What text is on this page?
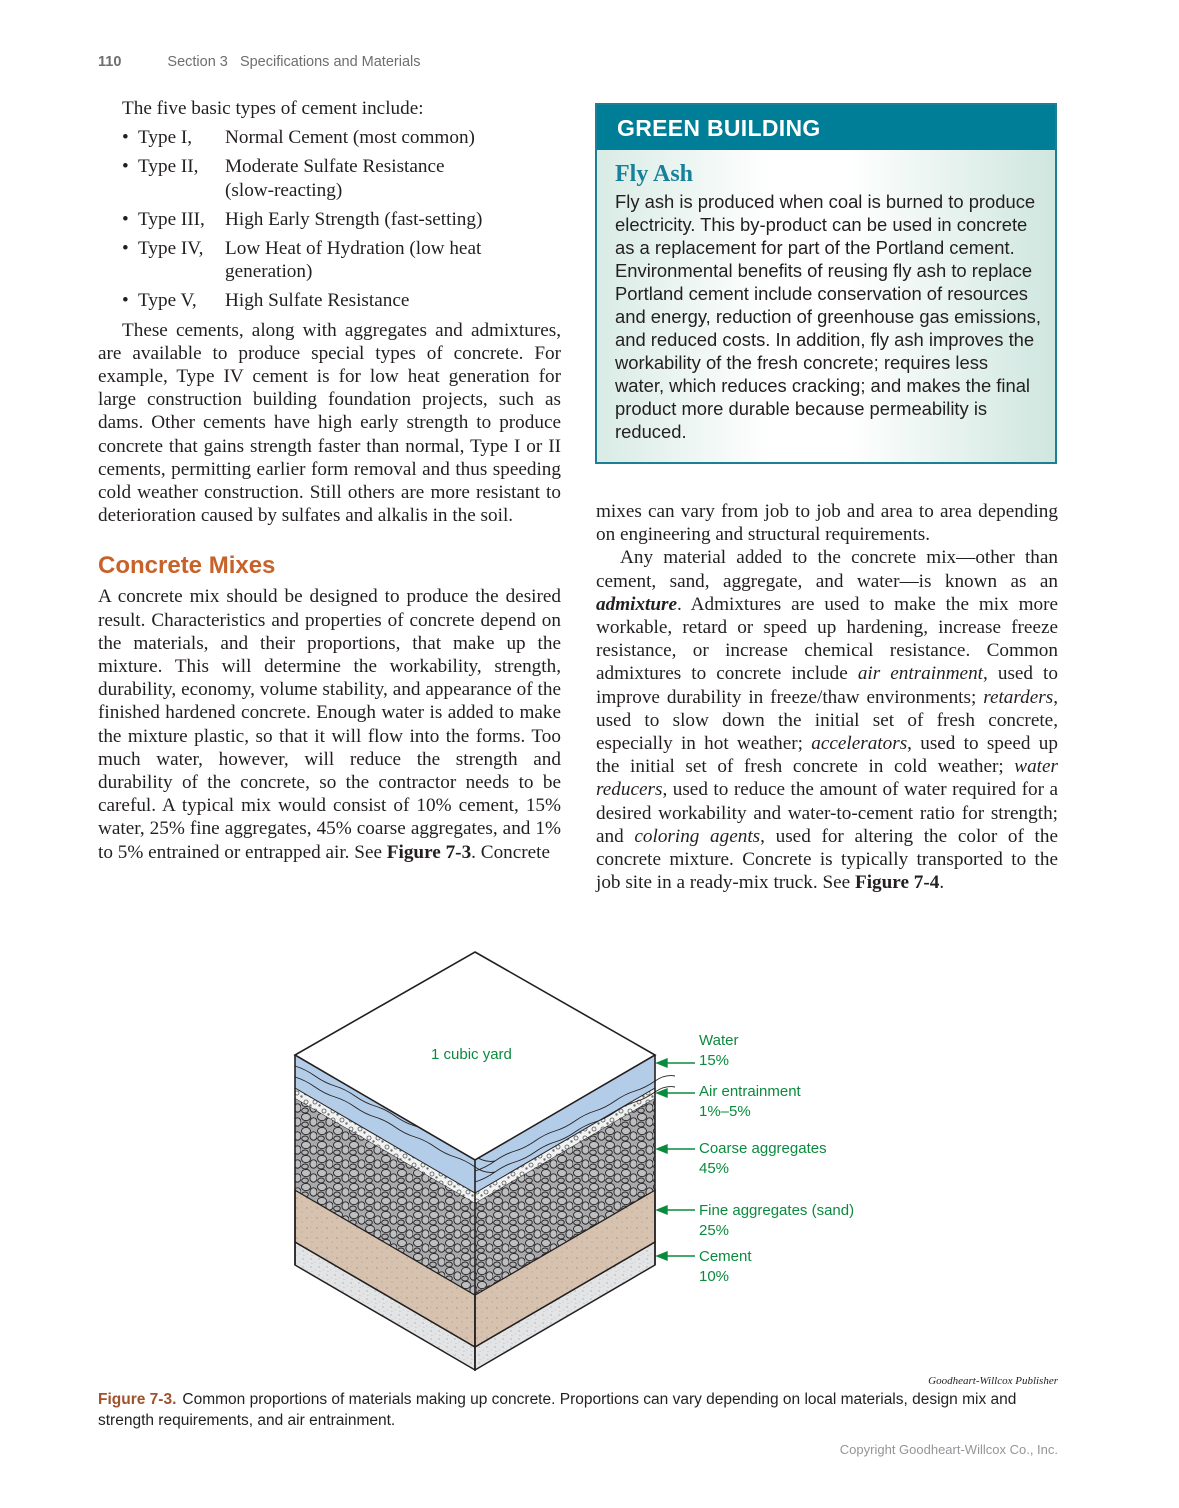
110	Section 3   Specifications and Materials

The five basic types of cement include:

• Type I,	Normal Cement (most common)
• Type II,	Moderate Sulfate Resistance (slow-reacting)
• Type III,	High Early Strength (fast-setting)
• Type IV,	Low Heat of Hydration (low heat generation)
• Type V,	High Sulfate Resistance

These cements, along with aggregates and admixtures, are available to produce special types of concrete. For example, Type IV cement is for low heat generation for large construction building foundation projects, such as dams. Other cements have high early strength to produce concrete that gains strength faster than normal, Type I or II cements, permitting earlier form removal and thus speeding cold weather construction. Still others are more resistant to deterioration caused by sulfates and alkalis in the soil.

Concrete Mixes

A concrete mix should be designed to produce the desired result. Characteristics and properties of concrete depend on the materials, and their proportions, that make up the mixture. This will determine the workability, strength, durability, economy, volume stability, and appearance of the finished hardened concrete. Enough water is added to make the mixture plastic, so that it will flow into the forms. Too much water, however, will reduce the strength and durability of the concrete, so the contractor needs to be careful. A typical mix would consist of 10% cement, 15% water, 25% fine aggregates, 45% coarse aggregates, and 1% to 5% entrained or entrapped air. See Figure 7-3. Concrete

GREEN BUILDING
Fly Ash

Fly ash is produced when coal is burned to produce electricity. This by-product can be used in concrete as a replacement for part of the Portland cement. Environmental benefits of reusing fly ash to replace Portland cement include conservation of resources and energy, reduction of greenhouse gas emissions, and reduced costs. In addition, fly ash improves the workability of the fresh concrete; requires less water, which reduces cracking; and makes the final product more durable because permeability is reduced.

mixes can vary from job to job and area to area depending on engineering and structural requirements.

Any material added to the concrete mix—other than cement, sand, aggregate, and water—is known as an admixture. Admixtures are used to make the mix more workable, retard or speed up hardening, increase freeze resistance, or increase chemical resistance. Common admixtures to concrete include air entrainment, used to improve durability in freeze/thaw environments; retarders, used to slow down the initial set of fresh concrete, especially in hot weather; accelerators, used to speed up the initial set of fresh concrete in cold weather; water reducers, used to reduce the amount of water required for a desired workability and water-to-cement ratio for strength; and coloring agents, used for altering the color of the concrete mixture. Concrete is typically transported to the job site in a ready-mix truck. See Figure 7-4.

1 cubic yard
Water
15%
Air entrainment
1%–5%
Coarse aggregates
45%
Fine aggregates (sand)
25%
Cement
10%
Goodheart-Willcox Publisher
Figure 7-3. Common proportions of materials making up concrete. Proportions can vary depending on local materials, design mix and strength requirements, and air entrainment.
Copyright Goodheart-Willcox Co., Inc.
